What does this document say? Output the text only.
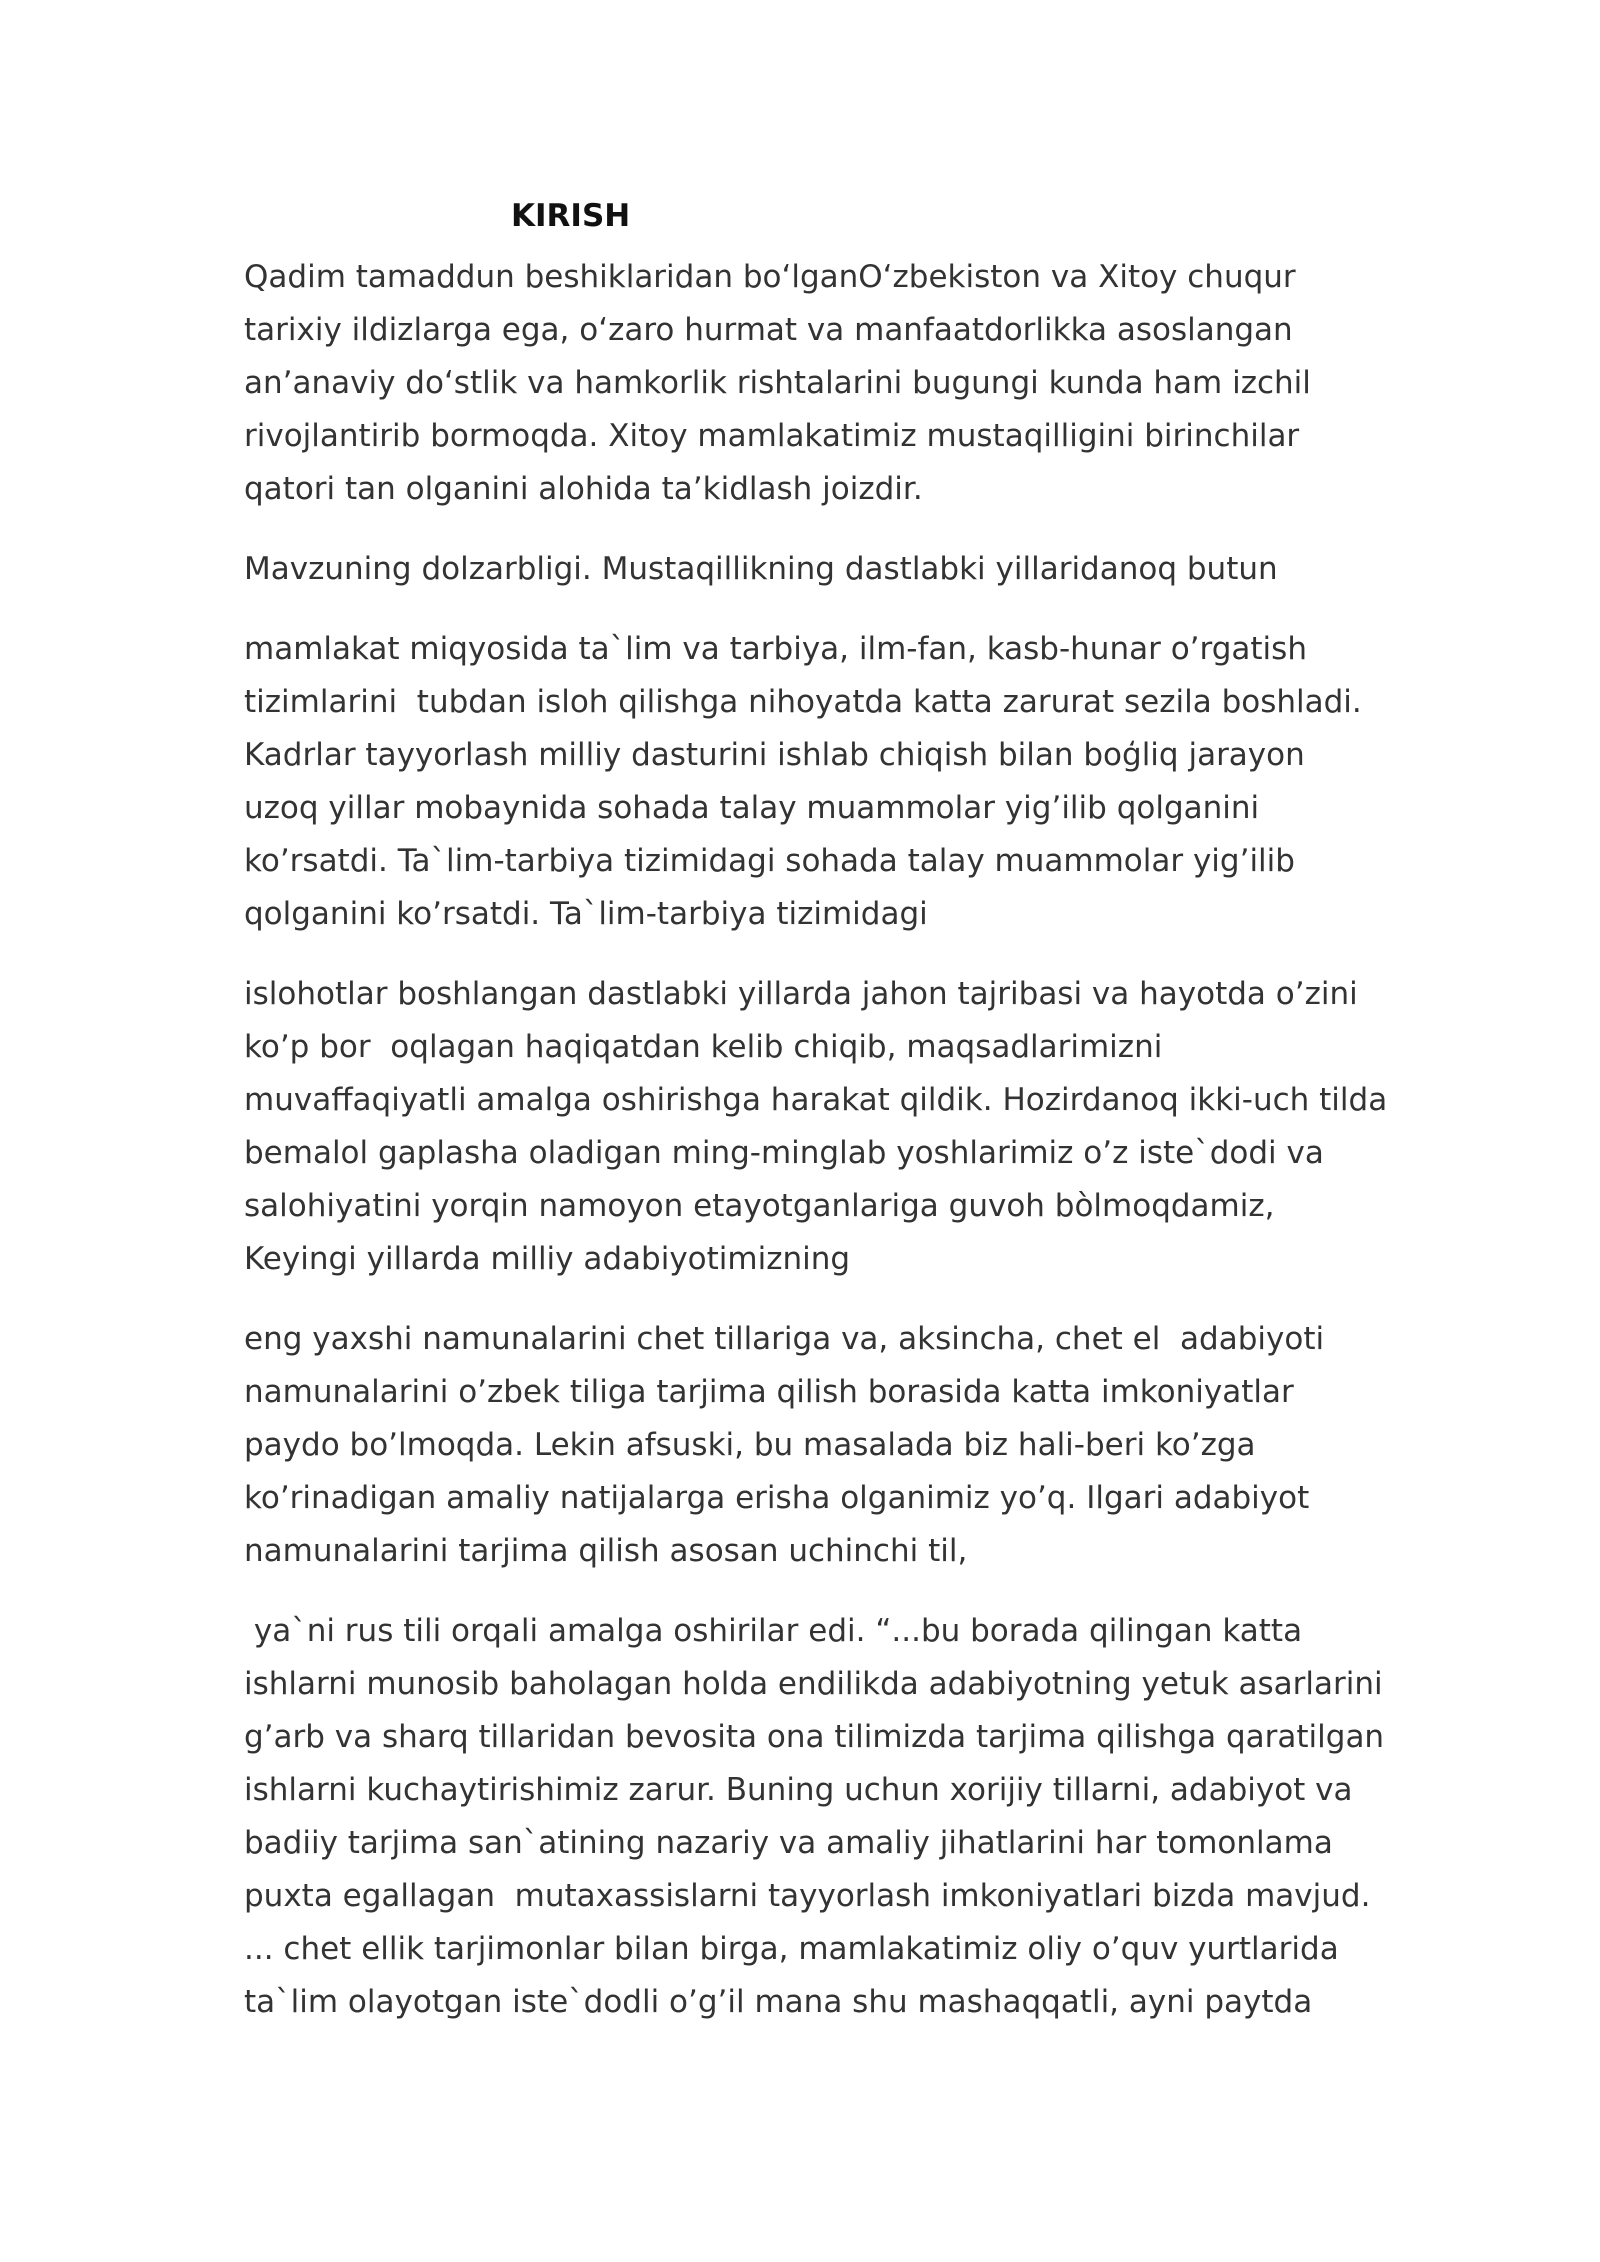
KIRISH
Qadim tamaddun beshiklaridan bo‘lganO‘zbekiston va Xitoy chuqur
tarixiy ildizlarga ega, o‘zaro hurmat va manfaatdorlikka asoslangan
an’anaviy do‘stlik va hamkorlik rishtalarini bugungi kunda ham izchil
rivojlantirib bormoqda. Xitoy mamlakatimiz mustaqilligini birinchilar
qatori tan olganini alohida ta’kidlash joizdir.
Mavzuning dolzarbligi. Mustaqillikning dastlabki yillaridanoq butun
mamlakat miqyosida ta`lim va tarbiya, ilm-fan, kasb-hunar o’rgatish
tizimlarini  tubdan isloh qilishga nihoyatda katta zarurat sezila boshladi.
Kadrlar tayyorlash milliy dasturini ishlab chiqish bilan boģliq jarayon
uzoq yillar mobaynida sohada talay muammolar yig’ilib qolganini
ko’rsatdi. Ta`lim-tarbiya tizimidagi sohada talay muammolar yig’ilib
qolganini ko’rsatdi. Ta`lim-tarbiya tizimidagi
islohotlar boshlangan dastlabki yillarda jahon tajribasi va hayotda o’zini
ko’p bor  oqlagan haqiqatdan kelib chiqib, maqsadlarimizni
muvaffaqiyatli amalga oshirishga harakat qildik. Hozirdanoq ikki-uch tilda
bemalol gaplasha oladigan ming-minglab yoshlarimiz o’z iste`dodi va
salohiyatini yorqin namoyon etayotganlariga guvoh bòlmoqdamiz,
Keyingi yillarda milliy adabiyotimizning
eng yaxshi namunalarini chet tillariga va, aksincha, chet el  adabiyoti
namunalarini o’zbek tiliga tarjima qilish borasida katta imkoniyatlar
paydo bo’lmoqda. Lekin afsuski, bu masalada biz hali-beri ko’zga
ko’rinadigan amaliy natijalarga erisha olganimiz yo’q. Ilgari adabiyot
namunalarini tarjima qilish asosan uchinchi til,
ya`ni rus tili orqali amalga oshirilar edi. “...bu borada qilingan katta
ishlarni munosib baholagan holda endilikda adabiyotning yetuk asarlarini
g’arb va sharq tillaridan bevosita ona tilimizda tarjima qilishga qaratilgan
ishlarni kuchaytirishimiz zarur. Buning uchun xorijiy tillarni, adabiyot va
badiiy tarjima san`atining nazariy va amaliy jihatlarini har tomonlama
puxta egallagan  mutaxassislarni tayyorlash imkoniyatlari bizda mavjud.
... chet ellik tarjimonlar bilan birga, mamlakatimiz oliy o’quv yurtlarida
ta`lim olayotgan iste`dodli o’g’il mana shu mashaqqatli, ayni paytda
